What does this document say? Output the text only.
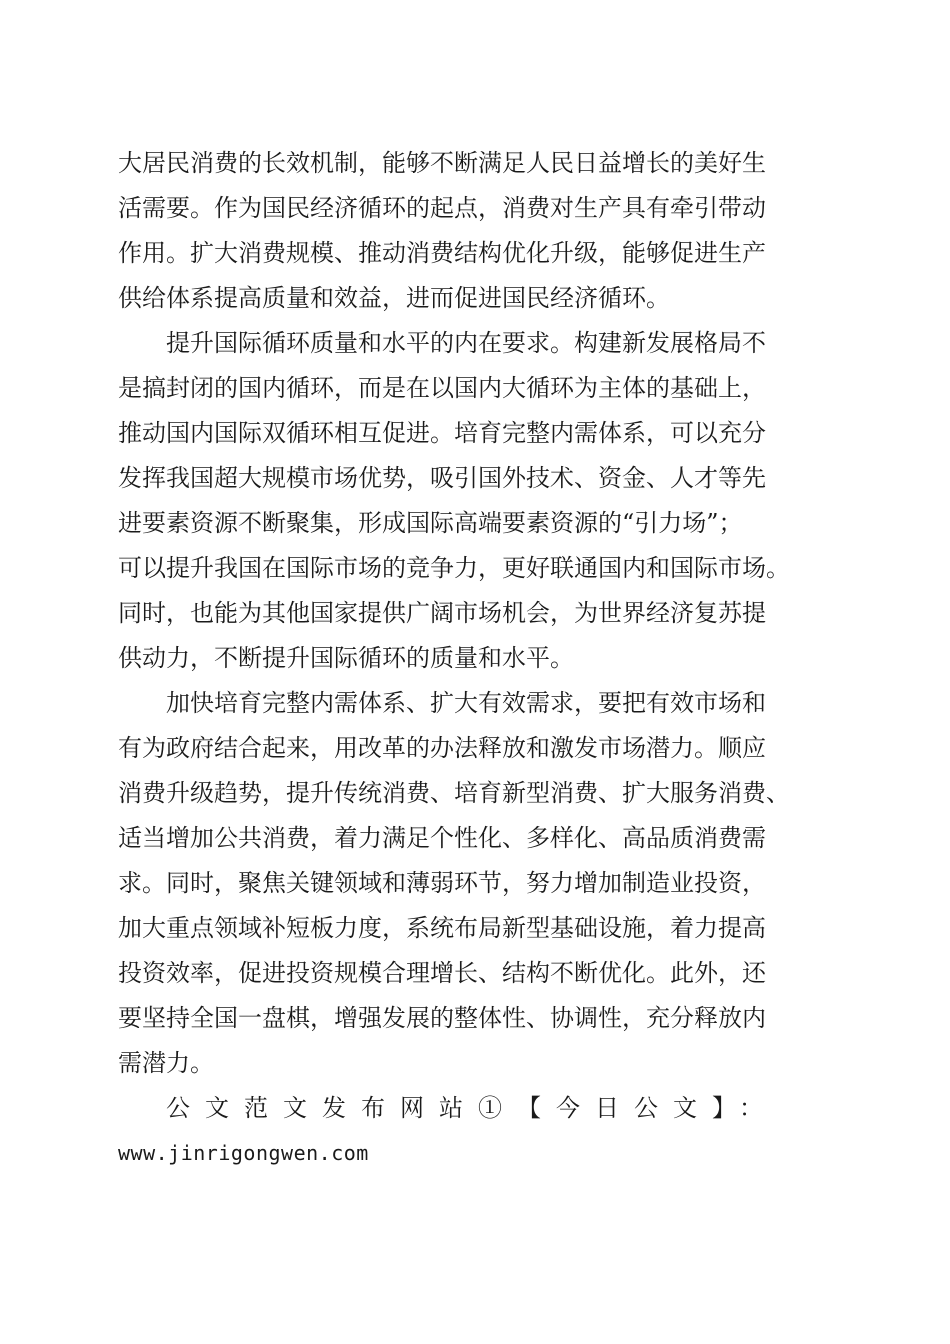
大居民消费的长效机制，能够不断满足人民日益增长的美好生
活需要。作为国民经济循环的起点，消费对生产具有牵引带动
作用。扩大消费规模、推动消费结构优化升级，能够促进生产
供给体系提高质量和效益，进而促进国民经济循环。
提升国际循环质量和水平的内在要求。构建新发展格局不
是搞封闭的国内循环，而是在以国内大循环为主体的基础上，
推动国内国际双循环相互促进。培育完整内需体系，可以充分
发挥我国超大规模市场优势，吸引国外技术、资金、人才等先
进要素资源不断聚集，形成国际高端要素资源的“引力场”；
可以提升我国在国际市场的竞争力，更好联通国内和国际市场。
同时，也能为其他国家提供广阔市场机会，为世界经济复苏提
供动力，不断提升国际循环的质量和水平。
加快培育完整内需体系、扩大有效需求，要把有效市场和
有为政府结合起来，用改革的办法释放和激发市场潜力。顺应
消费升级趋势，提升传统消费、培育新型消费、扩大服务消费、
适当增加公共消费，着力满足个性化、多样化、高品质消费需
求。同时，聚焦关键领域和薄弱环节，努力增加制造业投资，
加大重点领域补短板力度，系统布局新型基础设施，着力提高
投资效率，促进投资规模合理增长、结构不断优化。此外，还
要坚持全国一盘棋，增强发展的整体性、协调性，充分释放内
需潜力。
公文范文发布网站①【今日公文】：
www.jinrigongwen.com
